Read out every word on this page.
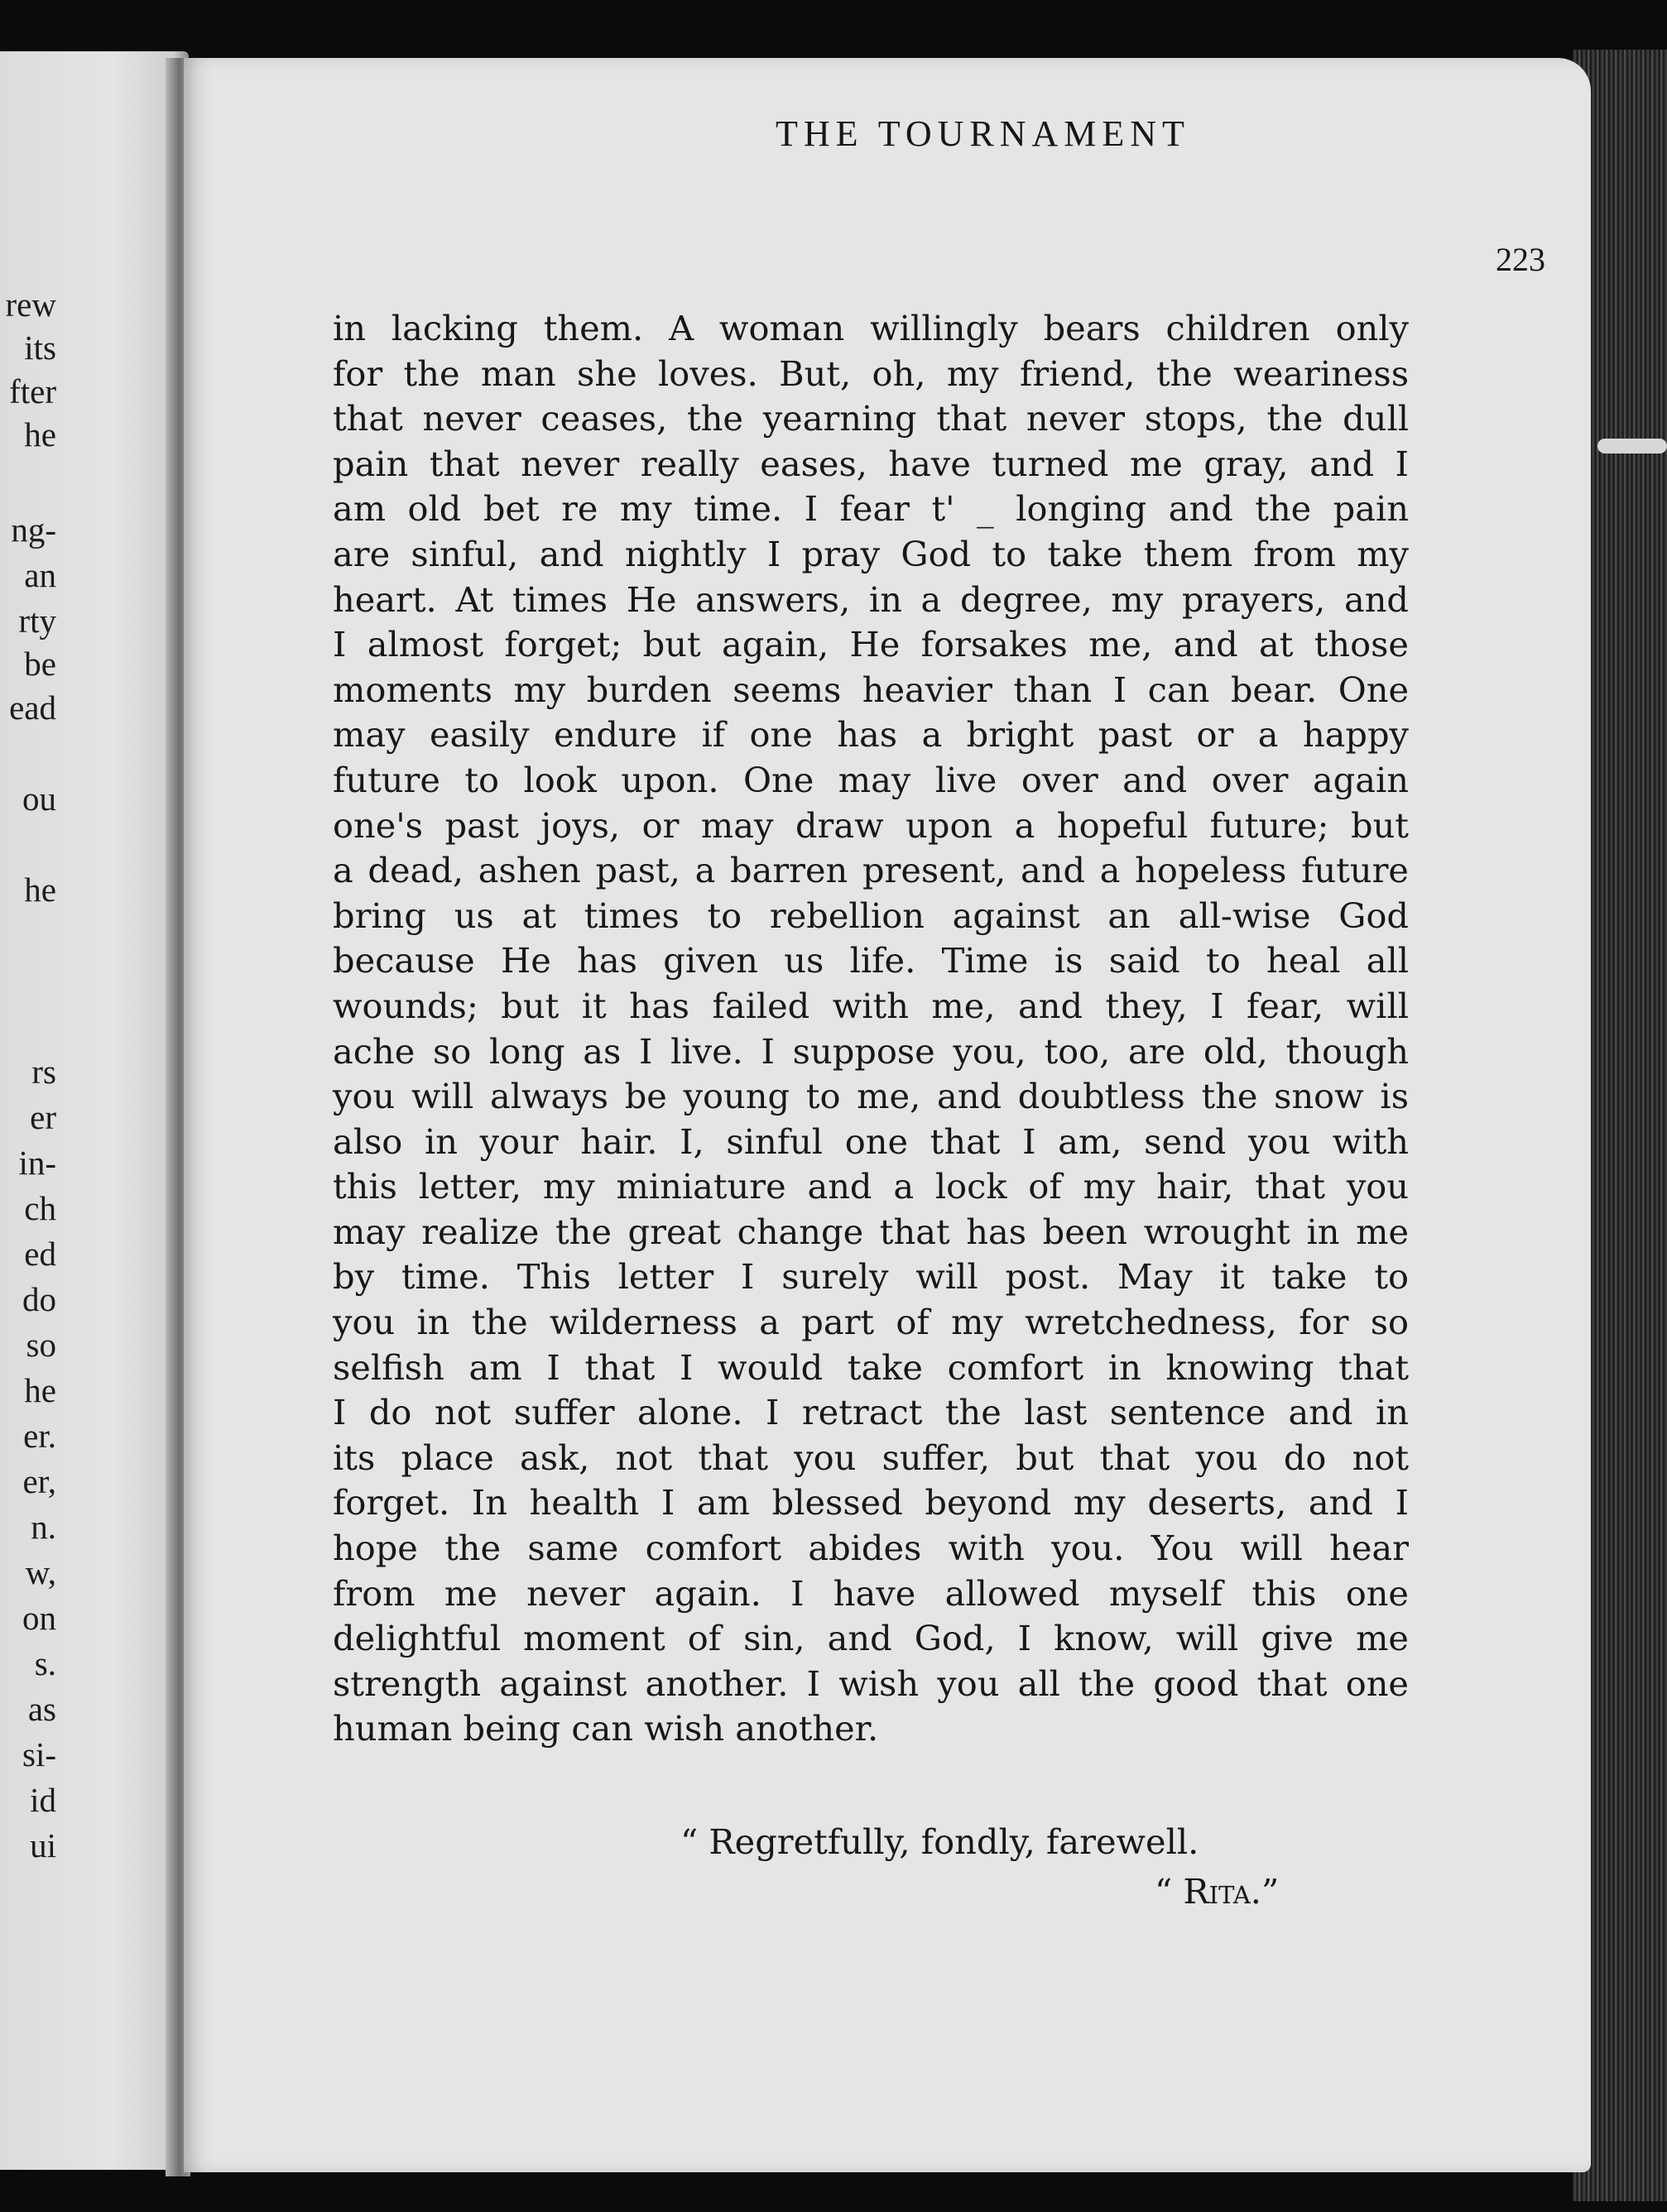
rew
its
fter
he
ng-
an
rty
be
ead
ou
he
rs
er
in-
ch
ed
do
so
he
er.
er,
n.
w,
on
s.
as
si-
id
ui
THE TOURNAMENT
223
in lacking them. A woman willingly bears children only
for the man she loves. But, oh, my friend, the weariness
that never ceases, the yearning that never stops, the dull
pain that never really eases, have turned me gray, and I
am old bet re my time. I fear t' _ longing and the pain
are sinful, and nightly I pray God to take them from my
heart. At times He answers, in a degree, my prayers, and
I almost forget; but again, He forsakes me, and at those
moments my burden seems heavier than I can bear. One
may easily endure if one has a bright past or a happy
future to look upon. One may live over and over again
one's past joys, or may draw upon a hopeful future; but
a dead, ashen past, a barren present, and a hopeless future
bring us at times to rebellion against an all-wise God
because He has given us life. Time is said to heal all
wounds; but it has failed with me, and they, I fear, will
ache so long as I live. I suppose you, too, are old, though
you will always be young to me, and doubtless the snow is
also in your hair. I, sinful one that I am, send you with
this letter, my miniature and a lock of my hair, that you
may realize the great change that has been wrought in me
by time. This letter I surely will post. May it take to
you in the wilderness a part of my wretchedness, for so
selfish am I that I would take comfort in knowing that
I do not suffer alone. I retract the last sentence and in
its place ask, not that you suffer, but that you do not
forget. In health I am blessed beyond my deserts, and I
hope the same comfort abides with you. You will hear
from me never again. I have allowed myself this one
delightful moment of sin, and God, I know, will give me
strength against another. I wish you all the good that one
human being can wish another.
“ Regretfully, fondly, farewell.
“ Rita.”
